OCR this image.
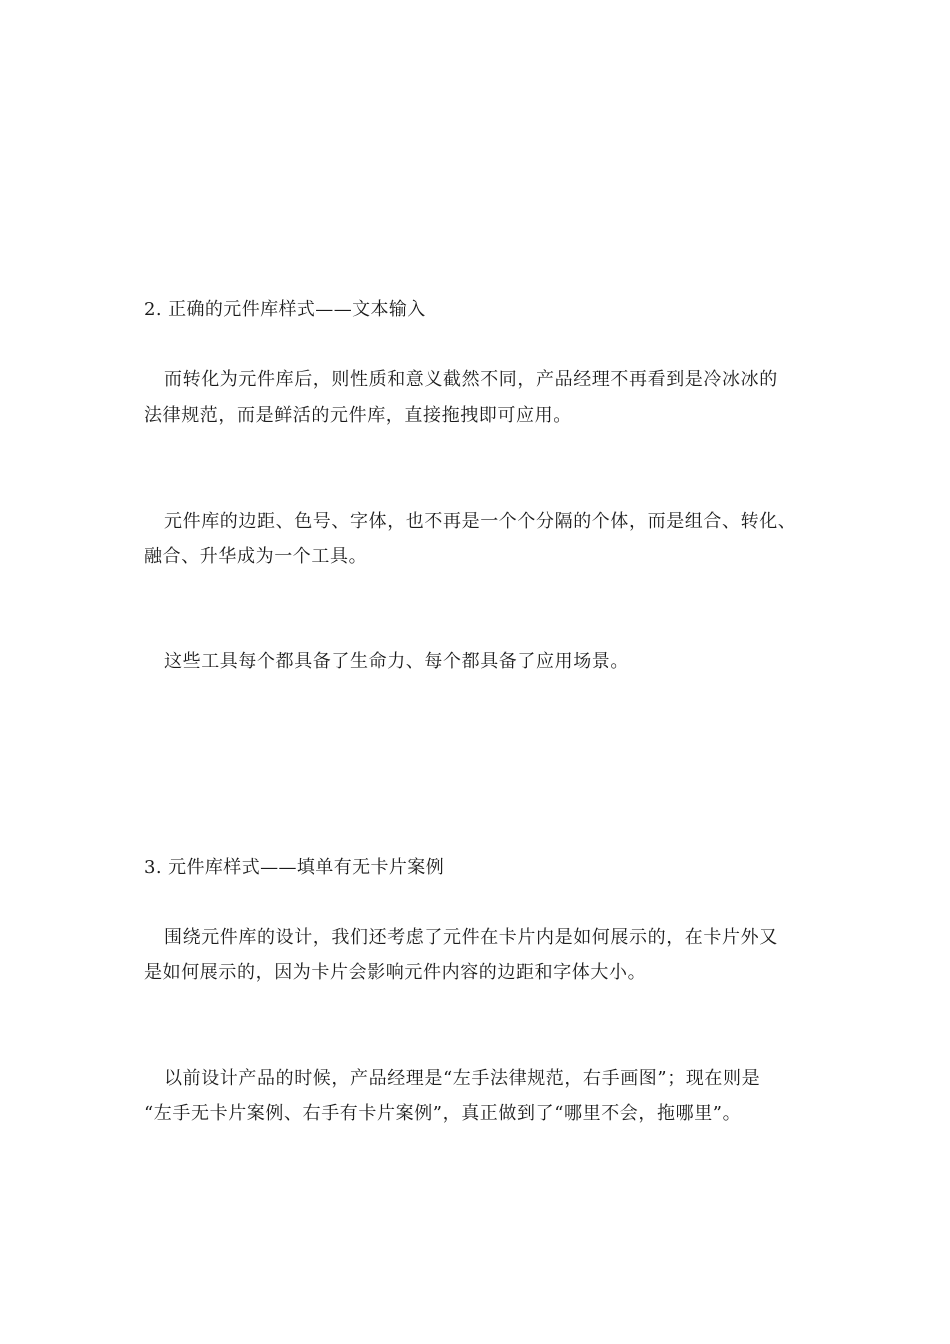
2. 正确的元件库样式——文本输入
而转化为元件库后，则性质和意义截然不同，产品经理不再看到是冷冰冰的
法律规范，而是鲜活的元件库，直接拖拽即可应用。
元件库的边距、色号、字体，也不再是一个个分隔的个体，而是组合、转化、
融合、升华成为一个工具。
这些工具每个都具备了生命力、每个都具备了应用场景。
3. 元件库样式——填单有无卡片案例
围绕元件库的设计，我们还考虑了元件在卡片内是如何展示的，在卡片外又
是如何展示的，因为卡片会影响元件内容的边距和字体大小。
以前设计产品的时候，产品经理是“左手法律规范，右手画图”；现在则是
“左手无卡片案例、右手有卡片案例”，真正做到了“哪里不会，拖哪里”。
